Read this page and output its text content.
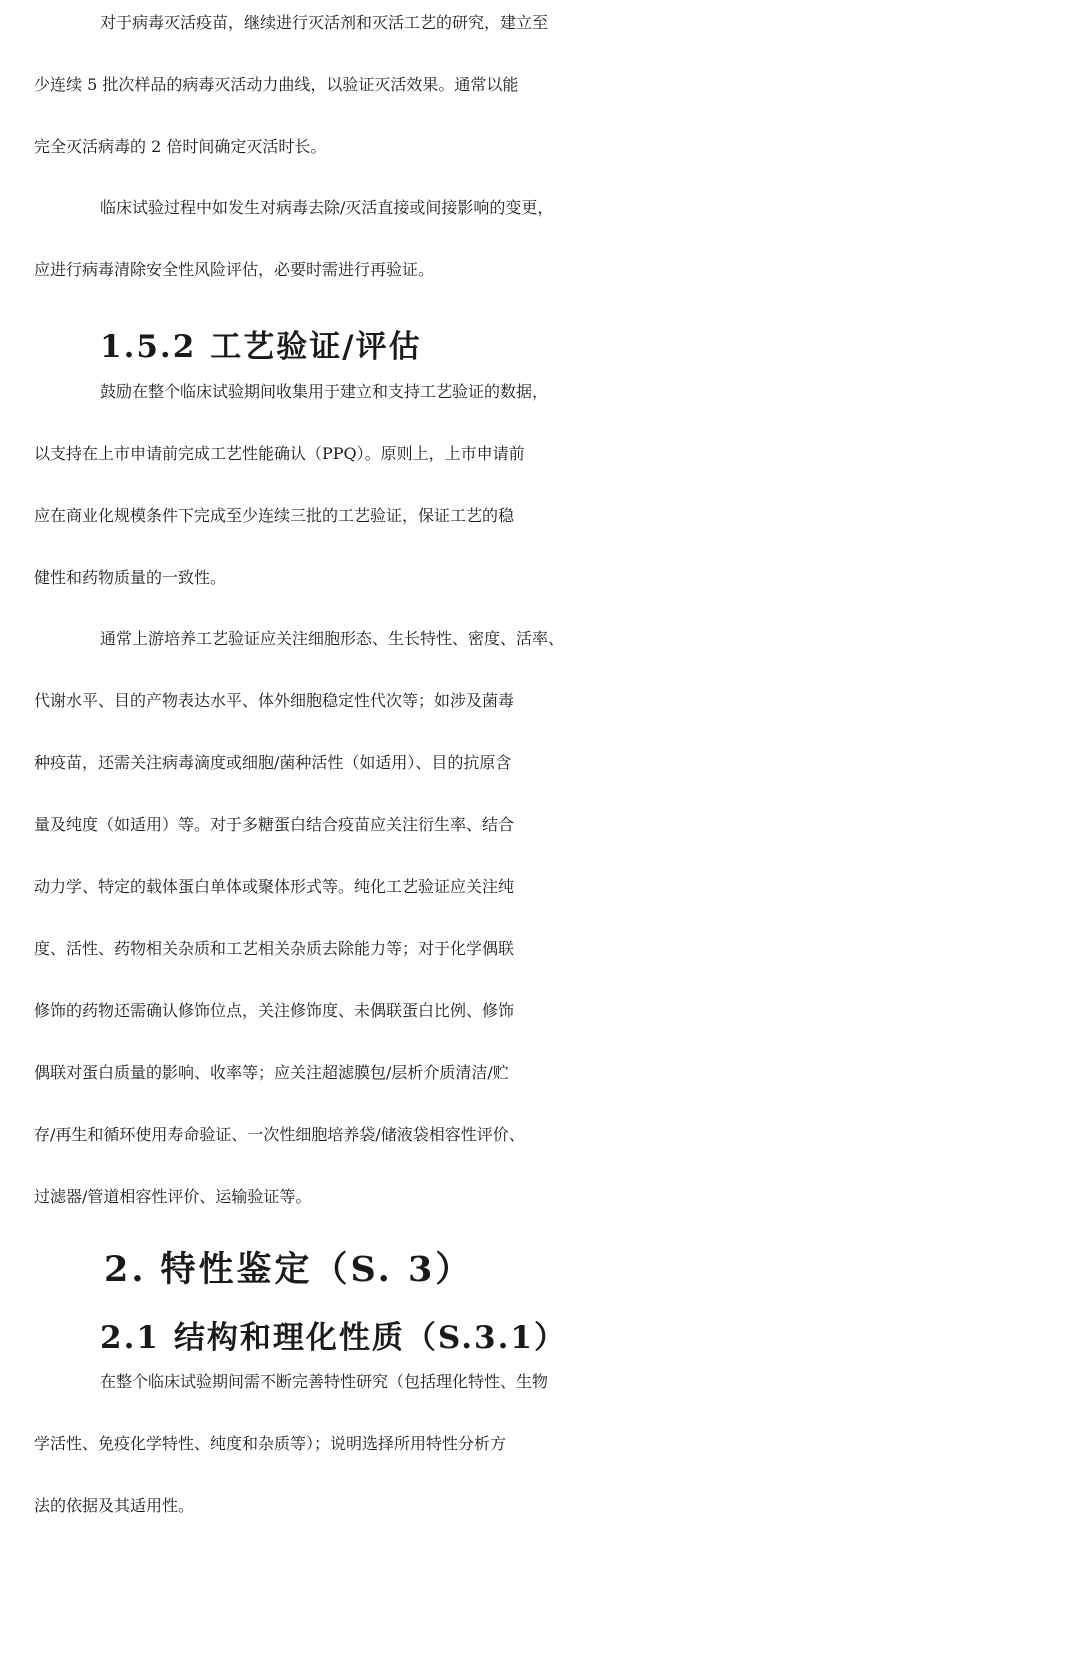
对于病毒灭活疫苗，继续进行灭活剂和灭活工艺的研究，建立至
少连续 5 批次样品的病毒灭活动力曲线，以验证灭活效果。通常以能
完全灭活病毒的 2 倍时间确定灭活时长。
临床试验过程中如发生对病毒去除/灭活直接或间接影响的变更，
应进行病毒清除安全性风险评估，必要时需进行再验证。
1.5.2 工艺验证/评估
鼓励在整个临床试验期间收集用于建立和支持工艺验证的数据，
以支持在上市申请前完成工艺性能确认（PPQ）。原则上，上市申请前
应在商业化规模条件下完成至少连续三批的工艺验证，保证工艺的稳
健性和药物质量的一致性。
通常上游培养工艺验证应关注细胞形态、生长特性、密度、活率、
代谢水平、目的产物表达水平、体外细胞稳定性代次等；如涉及菌毒
种疫苗，还需关注病毒滴度或细胞/菌种活性（如适用）、目的抗原含
量及纯度（如适用）等。对于多糖蛋白结合疫苗应关注衍生率、结合
动力学、特定的载体蛋白单体或聚体形式等。纯化工艺验证应关注纯
度、活性、药物相关杂质和工艺相关杂质去除能力等；对于化学偶联
修饰的药物还需确认修饰位点，关注修饰度、未偶联蛋白比例、修饰
偶联对蛋白质量的影响、收率等；应关注超滤膜包/层析介质清洁/贮
存/再生和循环使用寿命验证、一次性细胞培养袋/储液袋相容性评价、
过滤器/管道相容性评价、运输验证等。
2. 特性鉴定（S. 3）
2.1 结构和理化性质（S.3.1）
在整个临床试验期间需不断完善特性研究（包括理化特性、生物
学活性、免疫化学特性、纯度和杂质等）；说明选择所用特性分析方
法的依据及其适用性。
